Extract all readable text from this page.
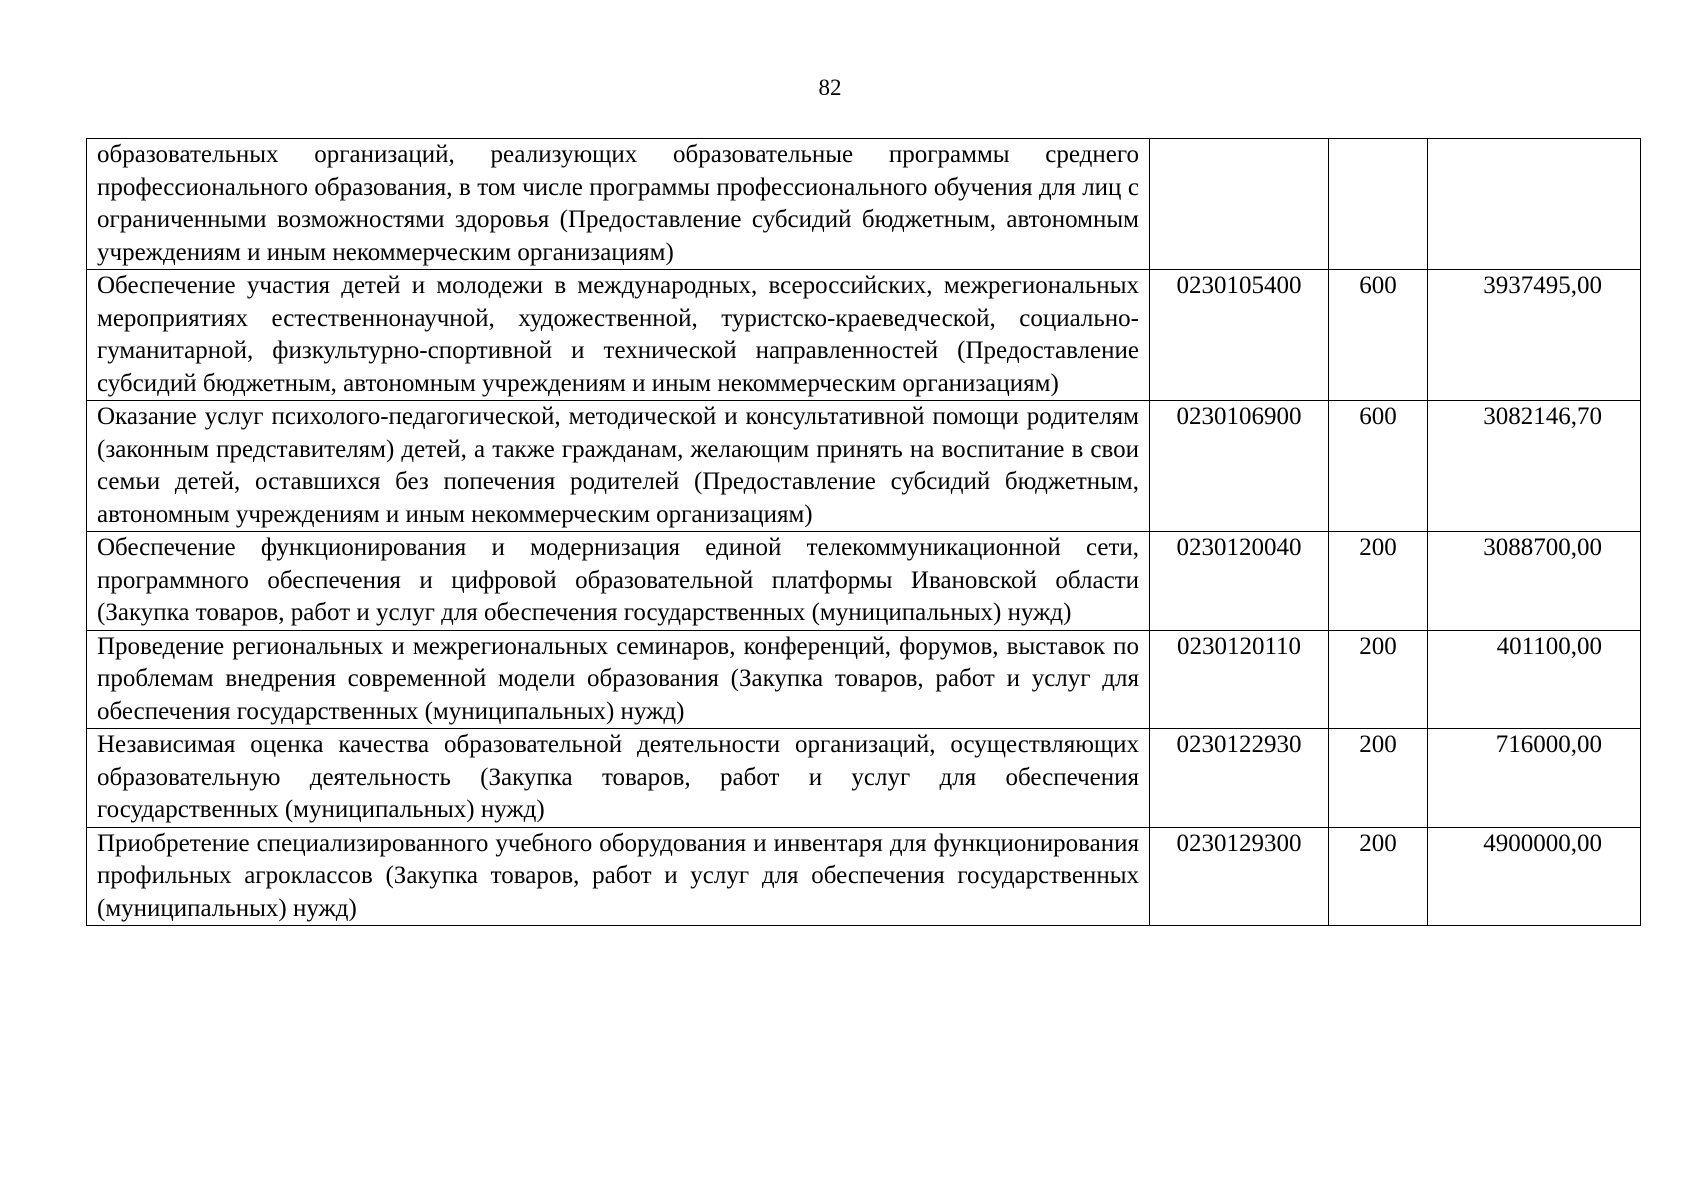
82
образовательных организаций, реализующих образовательные программы среднего профессионального образования, в том числе программы профессионального обучения для лиц с ограниченными возможностями здоровья (Предоставление субсидий бюджетным, автономным учреждениям и иным некоммерческим организациям)			
Обеспечение участия детей и молодежи в международных, всероссийских, межрегиональных мероприятиях естественнонаучной, художественной, туристско-краеведческой, социально-гуманитарной, физкультурно-спортивной и технической направленностей (Предоставление субсидий бюджетным, автономным учреждениям и иным некоммерческим организациям)	0230105400	600	3937495,00
Оказание услуг психолого-педагогической, методической и консультативной помощи родителям (законным представителям) детей, а также гражданам, желающим принять на воспитание в свои семьи детей, оставшихся без попечения родителей (Предоставление субсидий бюджетным, автономным учреждениям и иным некоммерческим организациям)	0230106900	600	3082146,70
Обеспечение функционирования и модернизация единой телекоммуникационной сети, программного обеспечения и цифровой образовательной платформы Ивановской области (Закупка товаров, работ и услуг для обеспечения государственных (муниципальных) нужд)	0230120040	200	3088700,00
Проведение региональных и межрегиональных семинаров, конференций, форумов, выставок по проблемам внедрения современной модели образования (Закупка товаров, работ и услуг для обеспечения государственных (муниципальных) нужд)	0230120110	200	401100,00
Независимая оценка качества образовательной деятельности организаций, осуществляющих образовательную деятельность (Закупка товаров, работ и услуг для обеспечения государственных (муниципальных) нужд)	0230122930	200	716000,00
Приобретение специализированного учебного оборудования и инвентаря для функционирования профильных агроклассов (Закупка товаров, работ и услуг для обеспечения государственных (муниципальных) нужд)	0230129300	200	4900000,00
